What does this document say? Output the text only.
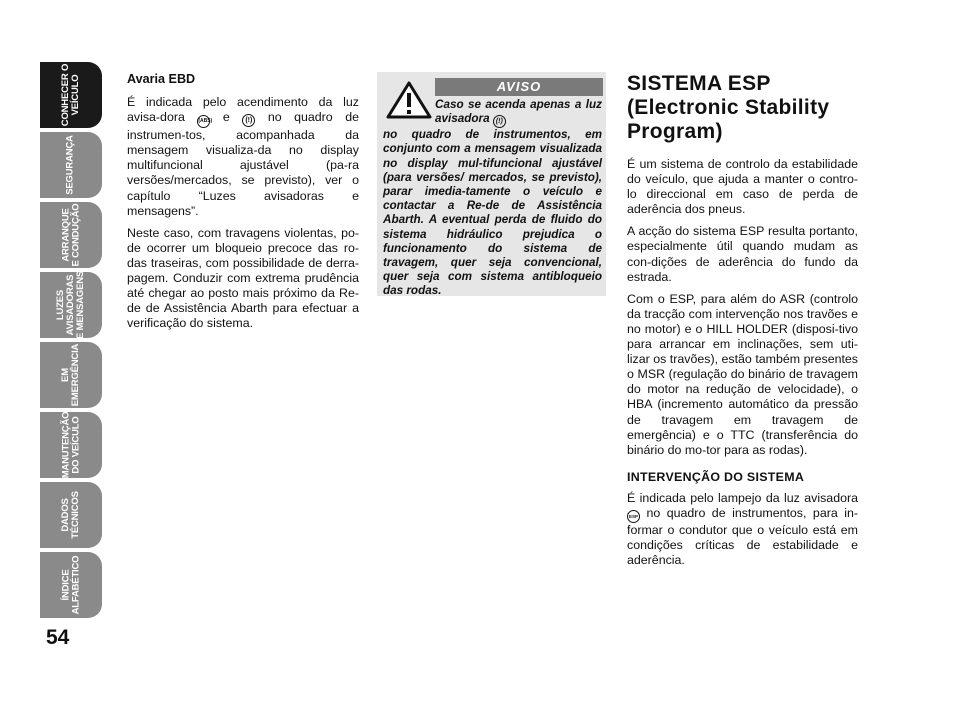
CONHECER O
VEÍCULO
SEGURANÇA
ARRANQUE
E CONDUÇÃO
LUZES
AVISADORAS
E MENSAGENS
EM
EMERGÊNCIA
MANUTENÇÃO
DO VEÍCULO
DADOS
TÉCNICOS
ÍNDICE
ALFABÉTICO
54
Avaria EBD

É indicada pelo acendimento da luz avisa-dora	(ABS) e (!) no quadro de instrumen-tos, acompanhada da mensagem visualiza-da no display multifuncional ajustável (pa-ra versões/mercados, se previsto), ver o capítulo “Luzes avisadoras e mensagens”.

Neste caso, com travagens violentas, po-de ocorrer um bloqueio precoce das ro-das traseiras, com possibilidade de derra-pagem. Conduzir com extrema prudência até chegar ao posto mais próximo da Re-de de Assistência Abarth para efectuar a verificação do sistema.

AVISO
Caso se acenda apenas a luz avisadora (!)
no quadro de instrumentos, em conjunto com a mensagem visualizada no display mul-tifuncional ajustável (para versões/ mercados, se previsto), parar imedia-tamente o veículo e contactar a Re-de de Assistência Abarth. A eventual perda de fluido do sistema hidráulico prejudica o funcionamento do sistema de travagem, quer seja convencional, quer seja com sistema antibloqueio das rodas.
SISTEMA ESP
(Electronic Stability
Program)

É um sistema de controlo da estabilidade do veículo, que ajuda a manter o contro-lo direccional em caso de perda de aderência dos pneus.

A acção do sistema ESP resulta portanto, especialmente útil quando mudam as con-dições de aderência do fundo da estrada.

Com o ESP, para além do ASR (controlo da tracção com intervenção nos travões e no motor) e o HILL HOLDER (disposi-tivo para arrancar em inclinações, sem uti-lizar os travões), estão também presentes o MSR (regulação do binário de travagem do motor na redução de velocidade), o HBA (incremento automático da pressão de travagem em travagem de emergência) e o TTC (transferência do binário do mo-tor para as rodas).

INTERVENÇÃO DO SISTEMA

É indicada pelo lampejo da luz avisadora ESP no quadro de instrumentos, para in-formar o condutor que o veículo está em condições críticas de estabilidade e aderência.
